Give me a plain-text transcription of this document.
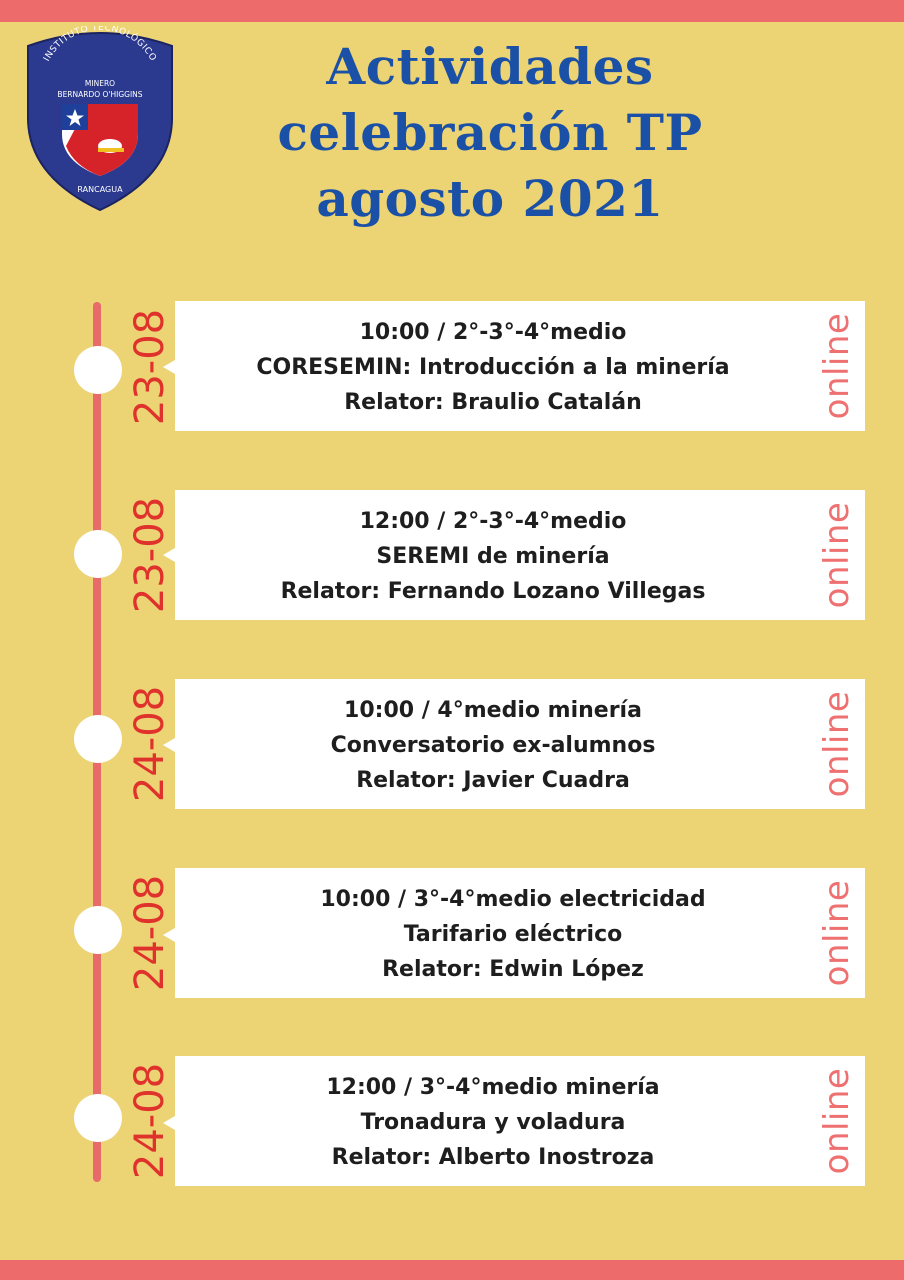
INSTITUTO TECNOLÓGICO
MINERO
BERNARDO O'HIGGINS
RANCAGUA
Actividades
celebración TP
agosto 2021
23-08	10:00 / 2°-3°-4°medio
CORESEMIN: Introducción a la minería
Relator: Braulio Catalán	online
23-08	12:00 / 2°-3°-4°medio
SEREMI de minería
Relator: Fernando Lozano Villegas	online
24-08	10:00 / 4°medio minería
Conversatorio ex-alumnos
Relator: Javier Cuadra	online
24-08	10:00 / 3°-4°medio electricidad
Tarifario eléctrico
Relator: Edwin López	online
24-08	12:00 / 3°-4°medio minería
Tronadura y voladura
Relator: Alberto Inostroza	online
